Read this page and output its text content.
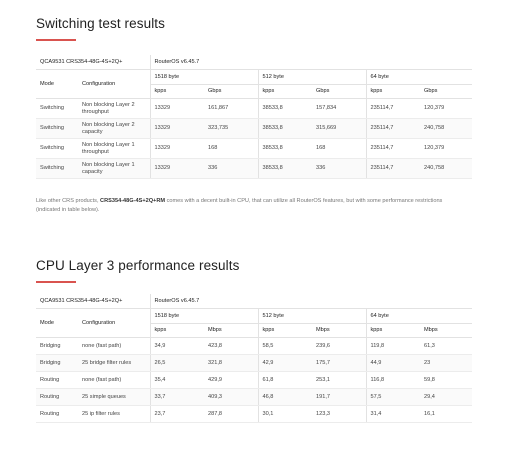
Switching test results
QCA9531 CRS354-48G-4S+2Q+		RouterOS v6.45.7					
Mode	Configuration	1518 byte		512 byte		64 byte	
		kpps	Gbps	kpps	Gbps	kpps	Gbps
Switching	Non blocking Layer 2 throughput	13329	161,867	38533,8	157,834	235114,7	120,379
Switching	Non blocking Layer 2 capacity	13329	323,735	38533,8	315,669	235114,7	240,758
Switching	Non blocking Layer 1 throughput	13329	168	38533,8	168	235114,7	120,379
Switching	Non blocking Layer 1 capacity	13329	336	38533,8	336	235114,7	240,758

Like other CRS products, CRS354-48G-4S+2Q+RM comes with a decent built-in CPU, that can utilize all RouterOS features, but with some performance restrictions (indicated in table below).

CPU Layer 3 performance results
QCA9531 CRS354-48G-4S+2Q+		RouterOS v6.45.7					
Mode	Configuration	1518 byte		512 byte		64 byte	
		kpps	Mbps	kpps	Mbps	kpps	Mbps
Bridging	none (fast path)	34,9	423,8	58,5	239,6	119,8	61,3
Bridging	25 bridge filter rules	26,5	321,8	42,9	175,7	44,9	23
Routing	none (fast path)	35,4	429,9	61,8	253,1	116,8	59,8
Routing	25 simple queues	33,7	409,3	46,8	191,7	57,5	29,4
Routing	25 ip filter rules	23,7	287,8	30,1	123,3	31,4	16,1
